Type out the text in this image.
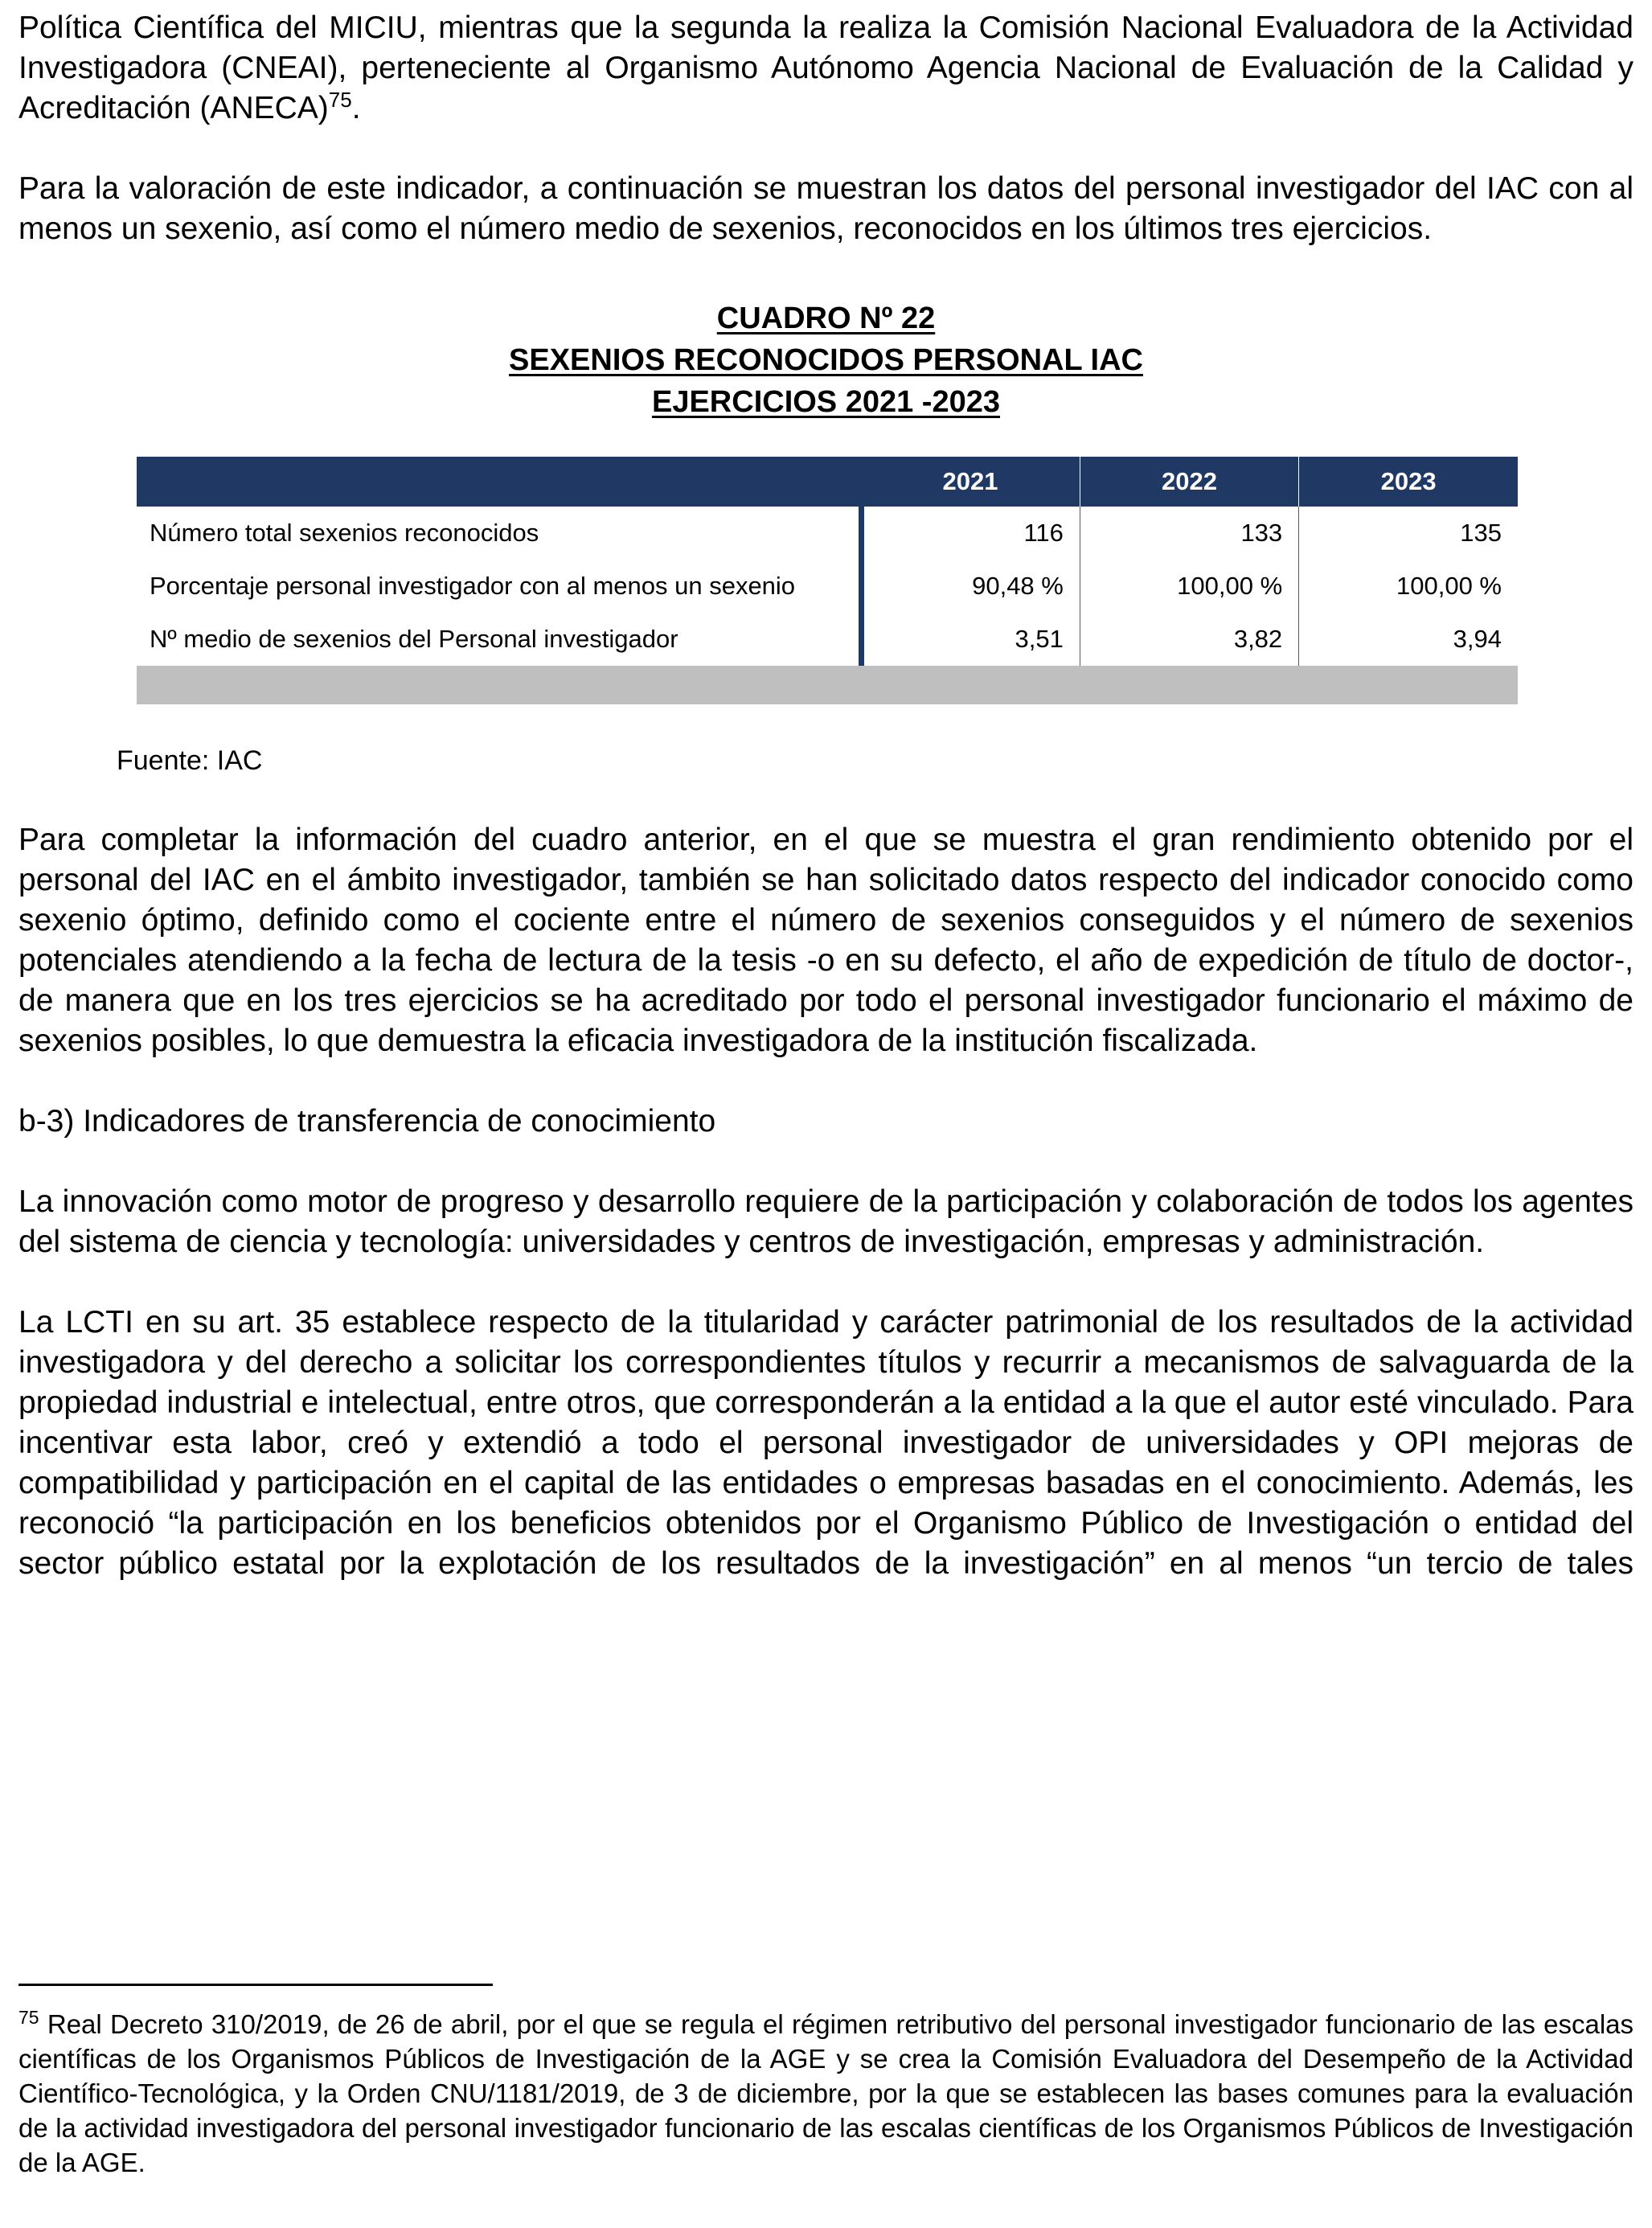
Política Científica del MICIU, mientras que la segunda la realiza la Comisión Nacional Evaluadora de la Actividad Investigadora (CNEAI), perteneciente al Organismo Autónomo Agencia Nacional de Evaluación de la Calidad y Acreditación (ANECA)$^{75}$.

Para la valoración de este indicador, a continuación se muestran los datos del personal investigador del IAC con al menos un sexenio, así como el número medio de sexenios, reconocidos en los últimos tres ejercicios.

CUADRO Nº 22
SEXENIOS RECONOCIDOS PERSONAL IAC
EJERCICIOS 2021 -2023
	2021	2022	2023
Número total sexenios reconocidos	116	133	135
Porcentaje personal investigador con al menos un sexenio	90,48 %	100,00 %	100,00 %
Nº medio de sexenios del Personal investigador	3,51	3,82	3,94

Fuente: IAC

Para completar la información del cuadro anterior, en el que se muestra el gran rendimiento obtenido por el personal del IAC en el ámbito investigador, también se han solicitado datos respecto del indicador conocido como sexenio óptimo, definido como el cociente entre el número de sexenios conseguidos y el número de sexenios potenciales atendiendo a la fecha de lectura de la tesis -o en su defecto, el año de expedición de título de doctor-, de manera que en los tres ejercicios se ha acreditado por todo el personal investigador funcionario el máximo de sexenios posibles, lo que demuestra la eficacia investigadora de la institución fiscalizada.

b-3) Indicadores de transferencia de conocimiento

La innovación como motor de progreso y desarrollo requiere de la participación y colaboración de todos los agentes del sistema de ciencia y tecnología: universidades y centros de investigación, empresas y administración.

La LCTI en su art. 35 establece respecto de la titularidad y carácter patrimonial de los resultados de la actividad investigadora y del derecho a solicitar los correspondientes títulos y recurrir a mecanismos de salvaguarda de la propiedad industrial e intelectual, entre otros, que corresponderán a la entidad a la que el autor esté vinculado. Para incentivar esta labor, creó y extendió a todo el personal investigador de universidades y OPI mejoras de compatibilidad y participación en el capital de las entidades o empresas basadas en el conocimiento. Además, les reconoció “la participación en los beneficios obtenidos por el Organismo Público de Investigación o entidad del sector público estatal por la explotación de los resultados de la investigación” en al menos “un tercio de tales

$^{75}$ Real Decreto 310/2019, de 26 de abril, por el que se regula el régimen retributivo del personal investigador funcionario de las escalas científicas de los Organismos Públicos de Investigación de la AGE y se crea la Comisión Evaluadora del Desempeño de la Actividad Científico-Tecnológica, y la Orden CNU/1181/2019, de 3 de diciembre, por la que se establecen las bases comunes para la evaluación de la actividad investigadora del personal investigador funcionario de las escalas científicas de los Organismos Públicos de Investigación de la AGE.
